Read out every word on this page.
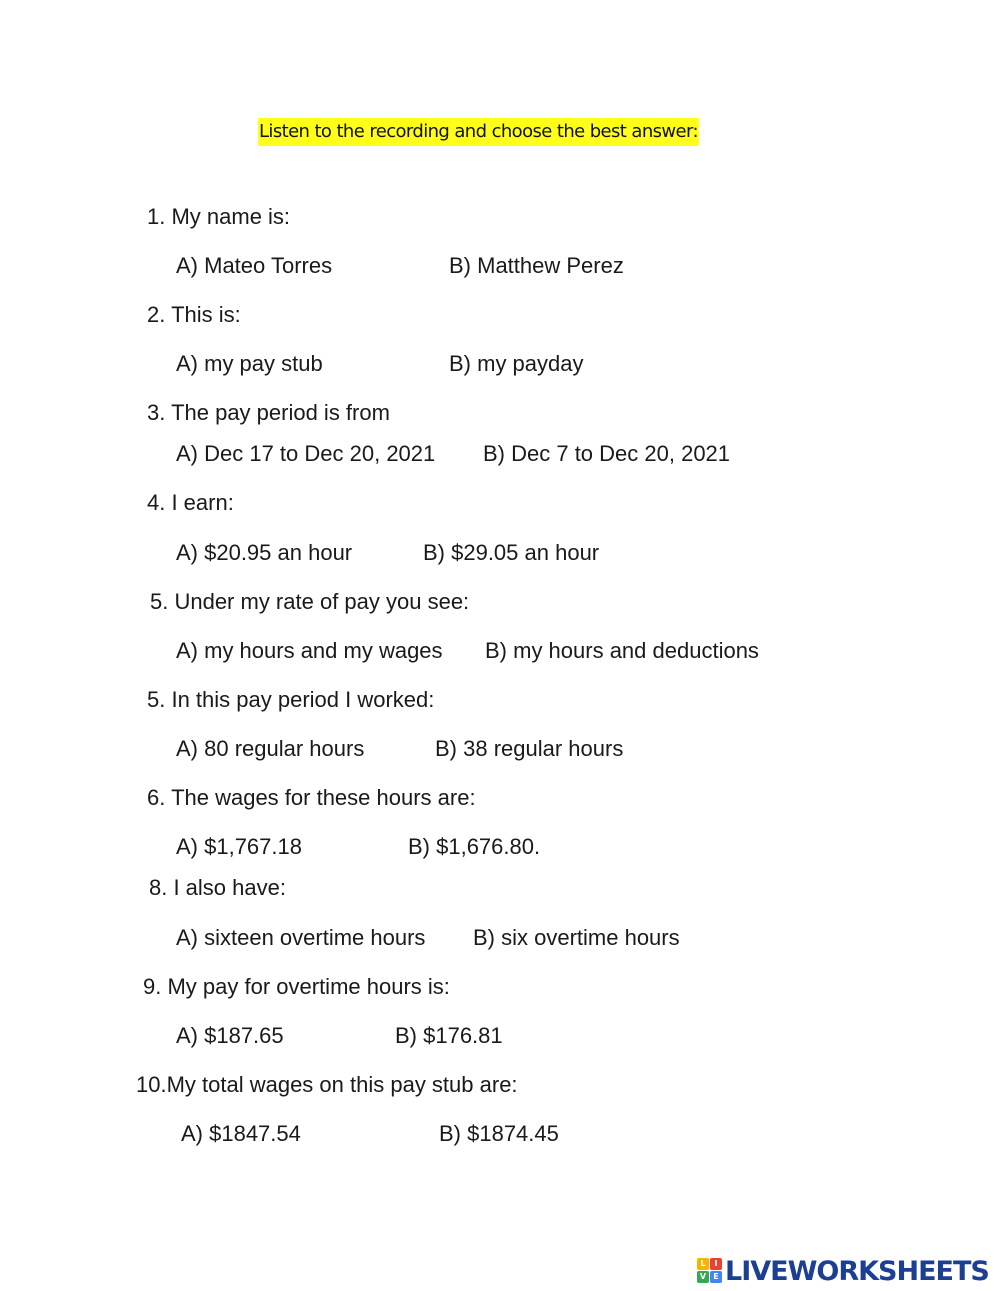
Listen to the recording and choose the best answer:
1. My name is:
A) Mateo Torres	B) Matthew Perez
2. This is:
A) my pay stub	B) my payday
3. The pay period is from
A) Dec 17 to Dec 20, 2021 B) Dec 7 to Dec 20, 2021
4. I earn:
A) $20.95 an hour	B) $29.05 an hour
5. Under my rate of pay you see:
A) my hours and my wages B) my hours and deductions
5. In this pay period I worked:
A) 80 regular hours	B) 38 regular hours
6. The wages for these hours are:
A) $1,767.18	B) $1,676.80.
8. I also have:
A) sixteen overtime hours B) six overtime hours
9. My pay for overtime hours is:
A) $187.65	B) $176.81
10.My total wages on this pay stub are:
A) $1847.54	B) $1874.45
L	I
V E LIVEWORKSHEETS
